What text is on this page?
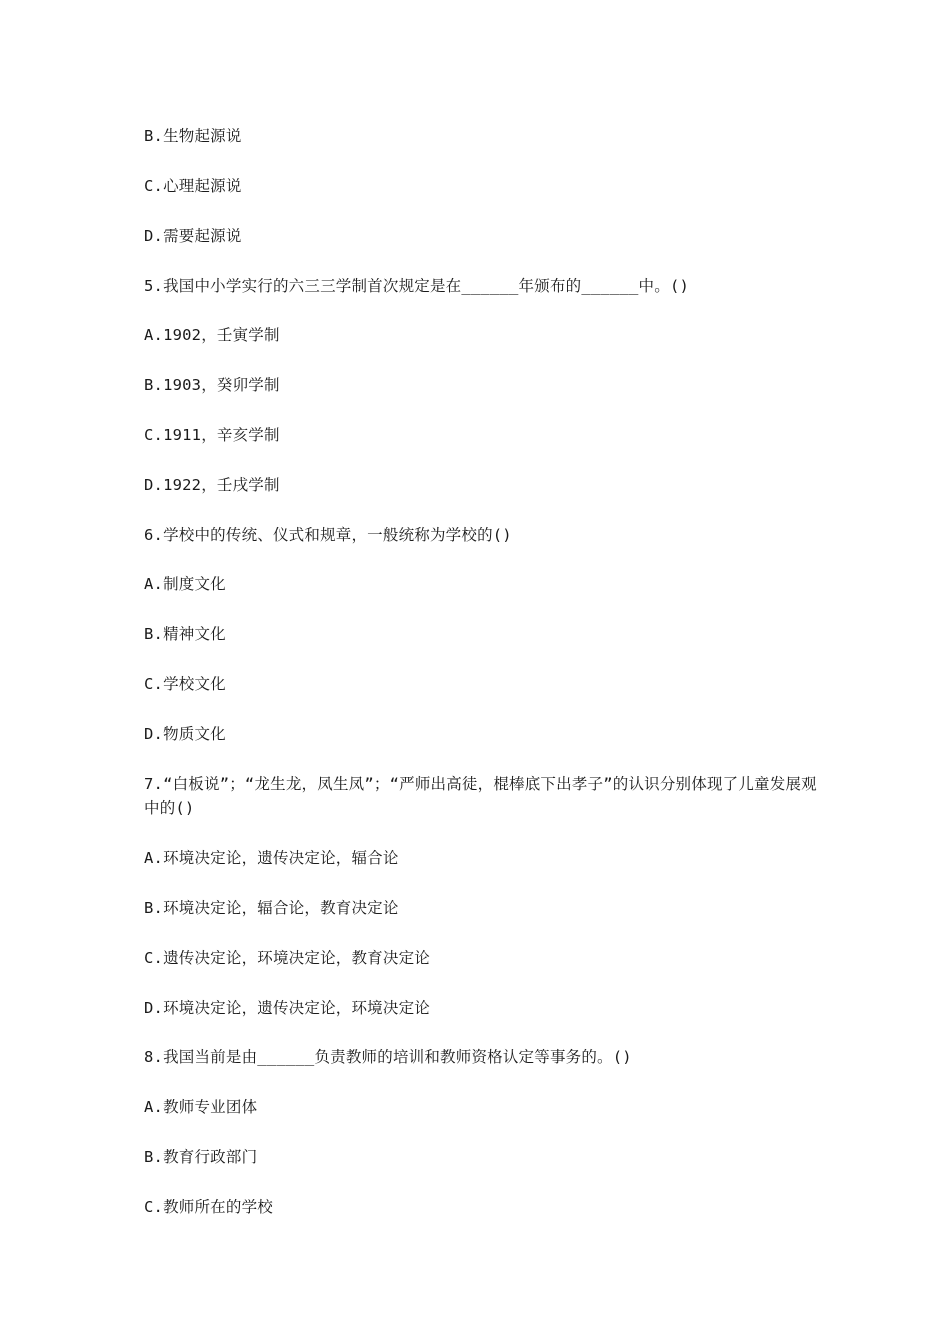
B.生物起源说
C.心理起源说
D.需要起源说
5.我国中小学实行的六三三学制首次规定是在______年颁布的______中。()
A.1902，壬寅学制
B.1903，癸卯学制
C.1911，辛亥学制
D.1922，壬戌学制
6.学校中的传统、仪式和规章，一般统称为学校的()
A.制度文化
B.精神文化
C.学校文化
D.物质文化
7.“白板说”；“龙生龙，凤生凤”；“严师出高徒，棍棒底下出孝子”的认识分别体现了儿童发展观中的()
A.环境决定论，遗传决定论，辐合论
B.环境决定论，辐合论，教育决定论
C.遗传决定论，环境决定论，教育决定论
D.环境决定论，遗传决定论，环境决定论
8.我国当前是由______负责教师的培训和教师资格认定等事务的。()
A.教师专业团体
B.教育行政部门
C.教师所在的学校
